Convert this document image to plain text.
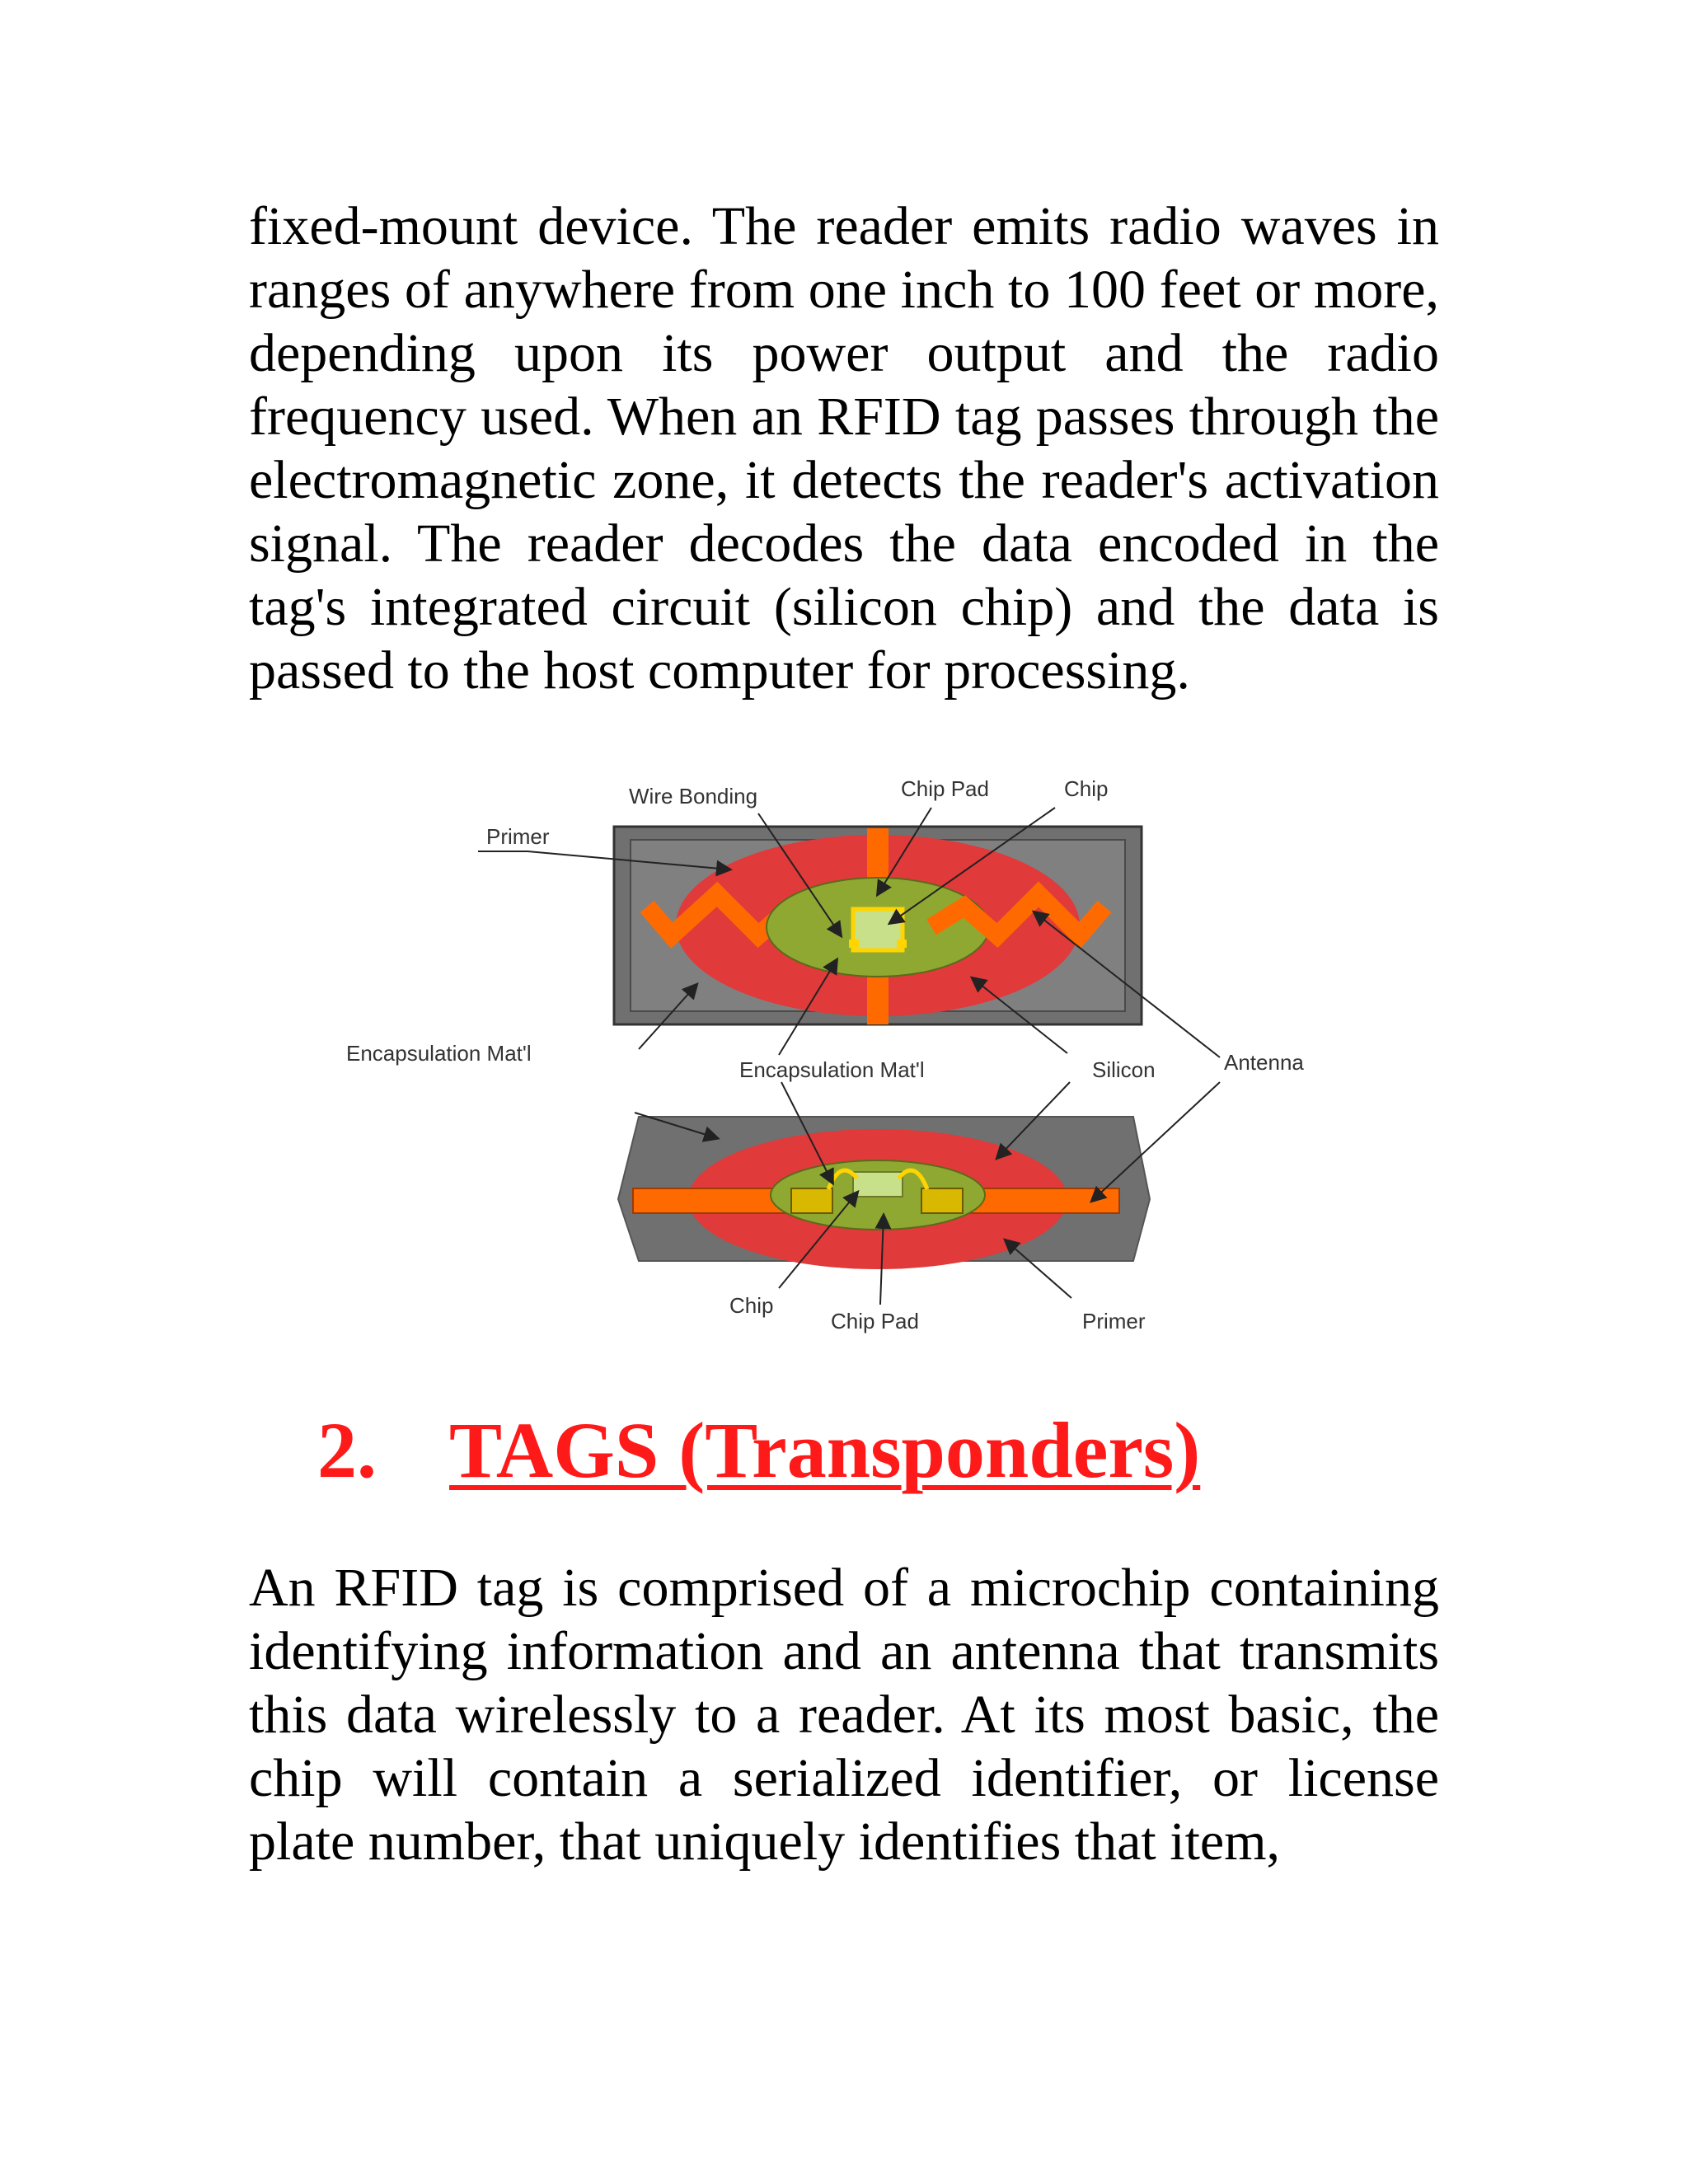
fixed-mount device. The reader emits radio waves in ranges of anywhere from one inch to 100 feet or more, depending upon its power output and the radio frequency used. When an RFID tag passes through the electromagnetic zone, it detects the reader's activation signal. The reader decodes the data encoded in the tag's integrated circuit (silicon chip) and the data is passed to the host computer for processing.

Wire Bonding	Chip Pad	Chip
Primer
Encapsulation Mat'l
Encapsulation Mat'l	Silicon	Antenna
Chip
Chip Pad	Primer
2. TAGS (Transponders)

An RFID tag is comprised of a microchip containing identifying information and an antenna that transmits this data wirelessly to a reader. At its most basic, the chip will contain a serialized identifier, or license plate number, that uniquely identifies that item,
